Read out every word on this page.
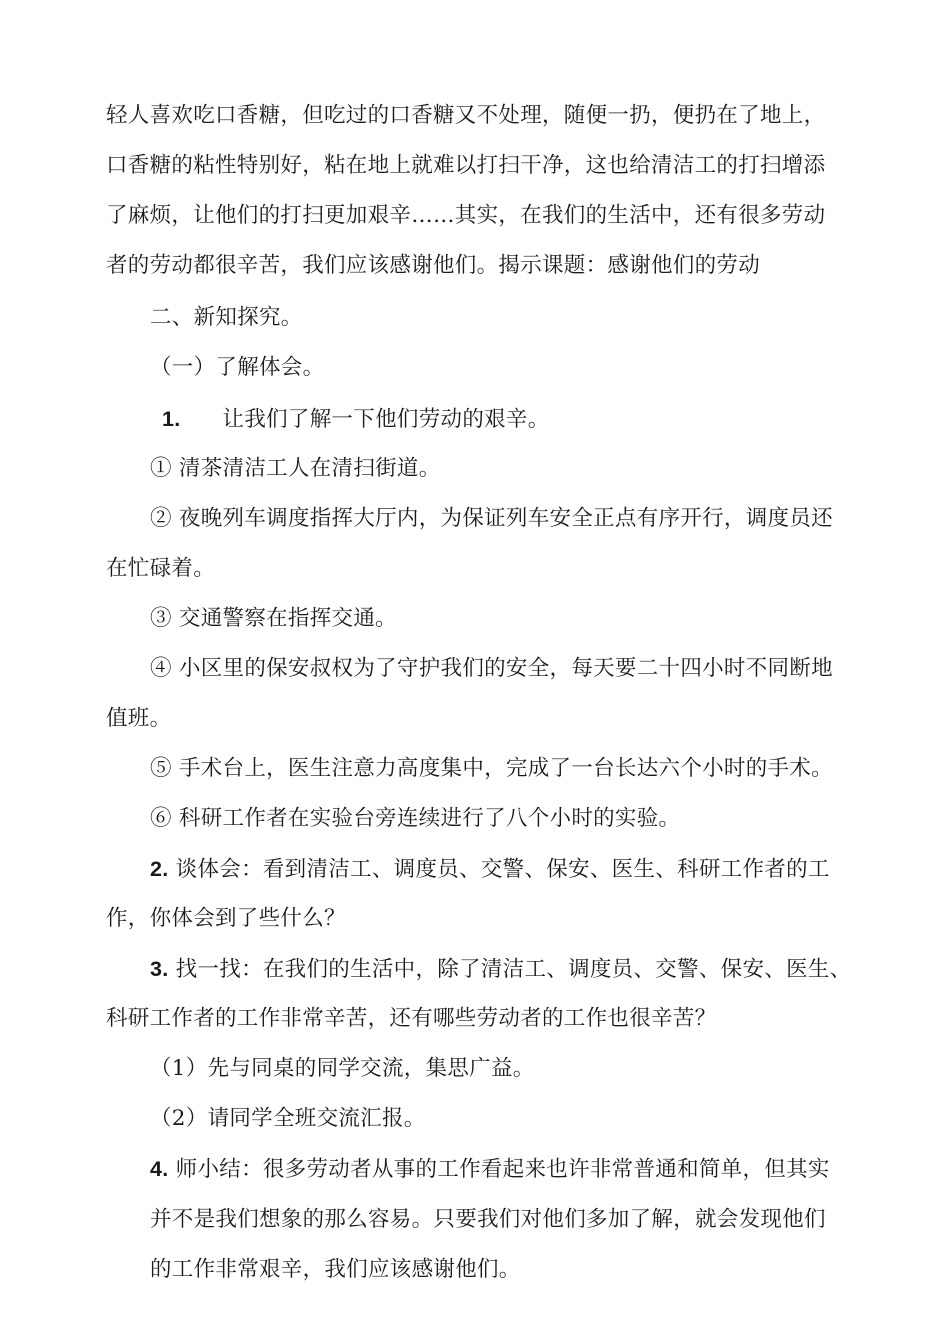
轻人喜欢吃口香糖，但吃过的口香糖又不处理，随便一扔，便扔在了地上，
口香糖的粘性特别好，粘在地上就难以打扫干净，这也给清洁工的打扫增添
了麻烦，让他们的打扫更加艰辛……其实，在我们的生活中，还有很多劳动
者的劳动都很辛苦，我们应该感谢他们。揭示课题：感谢他们的劳动
二、新知探究。
（一）了解体会。
1. 让我们了解一下他们劳动的艰辛。
① 清茶清洁工人在清扫街道。
② 夜晚列车调度指挥大厅内，为保证列车安全正点有序开行，调度员还
在忙碌着。
③ 交通警察在指挥交通。
④ 小区里的保安叔权为了守护我们的安全，每天要二十四小时不同断地
值班。
⑤ 手术台上，医生注意力高度集中，完成了一台长达六个小时的手术。
⑥ 科研工作者在实验台旁连续进行了八个小时的实验。
2. 谈体会：看到清洁工、调度员、交警、保安、医生、科研工作者的工
作，你体会到了些什么？
3. 找一找：在我们的生活中，除了清洁工、调度员、交警、保安、医生、
科研工作者的工作非常辛苦，还有哪些劳动者的工作也很辛苦？
（1）先与同桌的同学交流，集思广益。
（2）请同学全班交流汇报。
4. 师小结：很多劳动者从事的工作看起来也许非常普通和简单，但其实
并不是我们想象的那么容易。只要我们对他们多加了解，就会发现他们
的工作非常艰辛，我们应该感谢他们。
